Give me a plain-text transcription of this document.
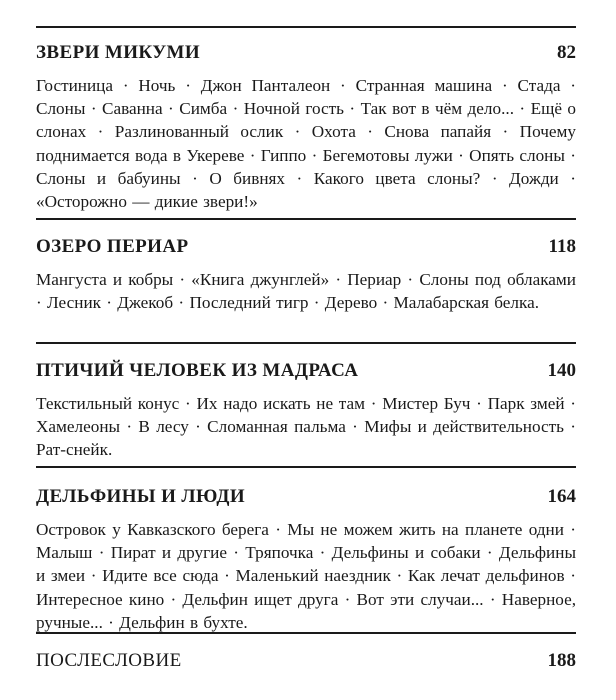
ЗВЕРИ МИКУМИ	82
Гостиница · Ночь · Джон Панталеон · Странная машина · Стада · Слоны · Саванна · Симба · Ночной гость · Так вот в чём дело... · Ещё о слонах · Разлинованный ослик · Охота · Снова папайя · Почему поднимается вода в Укереве · Гиппо · Бегемотовы лужи · Опять слоны · Слоны и бабуины · О бивнях · Какого цвета слоны? · Дожди · «Осторожно — дикие звери!»
ОЗЕРО ПЕРИАР	118
Мангуста и кобры · «Книга джунглей» · Периар · Слоны под облаками · Лесник · Джекоб · Последний тигр · Дерево · Малабарская белка.
ПТИЧИЙ ЧЕЛОВЕК ИЗ МАДРАСА	140
Текстильный конус · Их надо искать не там · Мистер Буч · Парк змей · Хамелеоны · В лесу · Сломанная пальма · Мифы и действительность · Рат-снейк.
ДЕЛЬФИНЫ И ЛЮДИ	164
Островок у Кавказского берега · Мы не можем жить на планете одни · Малыш · Пират и другие · Тряпочка · Дельфины и собаки · Дельфины и змеи · Идите все сюда · Маленький наездник · Как лечат дельфинов · Интересное кино · Дельфин ищет друга · Вот эти случаи... · Наверное, ручные... · Дельфин в бухте.
ПОСЛЕСЛОВИЕ	188
